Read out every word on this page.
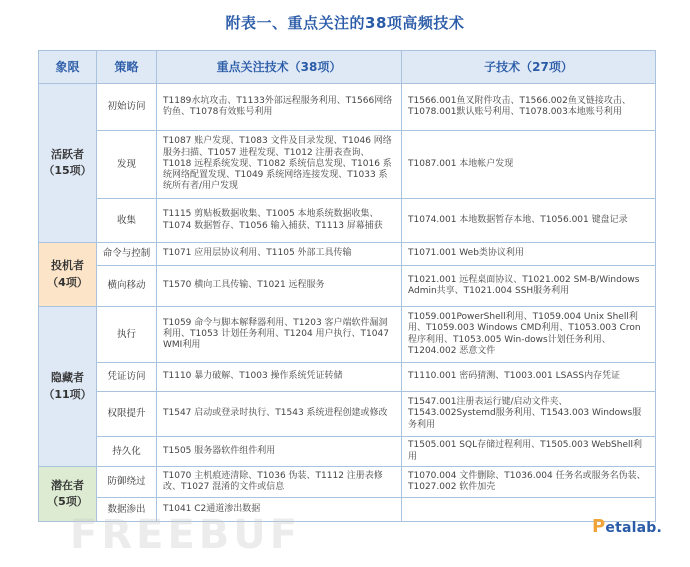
附表一、重点关注的38项高频技术
象限	策略	重点关注技术（38项）	子技术（27项）

活跃者
（15项）	初始访问	T1189水坑攻击、T1133外部远程服务利用、T1566网络钓鱼、T1078有效账号利用	T1566.001鱼叉附件攻击、T1566.002鱼叉链接攻击、T1078.001默认账号利用、T1078.003本地账号利用
	发现	T1087 账户发现、T1083 文件及目录发现、T1046 网络服务扫描、T1057 进程发现、T1012 注册表查询、T1018 远程系统发现、T1082 系统信息发现、T1016 系统网络配置发现、T1049 系统网络连接发现、T1033 系统所有者/用户发现	T1087.001 本地帐户发现
	收集	T1115 剪贴板数据收集、T1005 本地系统数据收集、T1074 数据暂存、T1056 输入捕获、T1113 屏幕捕获	T1074.001 本地数据暂存本地、T1056.001 键盘记录

投机者
（4项）	命令与控制	T1071 应用层协议利用、T1105 外部工具传输	T1071.001 Web类协议利用
	横向移动	T1570 横向工具传输、T1021 远程服务	T1021.001 远程桌面协议、T1021.002 SM-B/Windows Admin共享、T1021.004 SSH服务利用

隐藏者
（11项）	执行	T1059 命令与脚本解释器利用、T1203 客户端软件漏洞利用、T1053 计划任务利用、T1204 用户执行、T1047 WMI利用	T1059.001PowerShell利用、T1059.004 Unix Shell利用、T1059.003 Windows CMD利用、T1053.003 Cron程序利用、T1053.005 Win-dows计划任务利用、T1204.002 恶意文件
	凭证访问	T1110 暴力破解、T1003 操作系统凭证转储	T1110.001 密码猜测、T1003.001 LSASS内存凭证
	权限提升	T1547 启动或登录时执行、T1543 系统进程创建或修改	T1547.001注册表运行键/启动文件夹、T1543.002Systemd服务利用、T1543.003 Windows服务利用
	持久化	T1505 服务器软件组件利用	T1505.001 SQL存储过程利用、T1505.003 WebShell利用

潜在者
（5项）	防御绕过	T1070 主机痕迹清除、T1036 伪装、T1112 注册表修改、T1027 混淆的文件或信息	T1070.004 文件删除、T1036.004 任务名或服务名伪装、T1027.002 软件加壳
	数据渗出	T1041 C2通道渗出数据	
FREEBUF	Petalab.
